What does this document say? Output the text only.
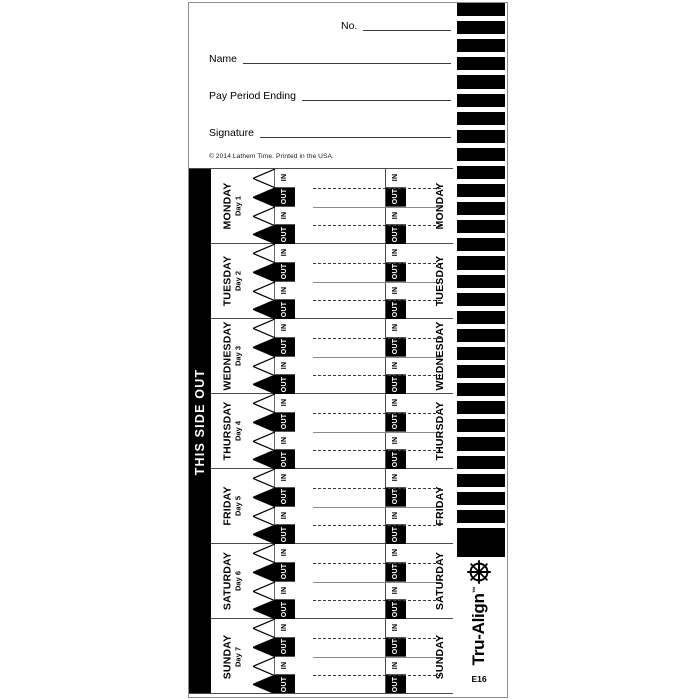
No.
Name
Pay Period Ending
Signature
© 2014 Lathem Time. Printed in the USA.
Tru-Align™
E16
THIS SIDE OUT
MONDAY Day 1
IN
OUT
IN
OUT
IN
OUT
IN
OUT
TUESDAY Day 2
IN
OUT
IN
OUT
IN
OUT
IN
OUT
WEDNESDAY Day 3
IN
OUT
IN
OUT
IN
OUT
IN
OUT
THURSDAY Day 4
IN
OUT
IN
OUT
IN
OUT
IN
OUT
FRIDAY Day 5
IN
OUT
IN
OUT
IN
OUT
IN
OUT
SATURDAY Day 6
IN
OUT
IN
OUT
IN
OUT
IN
OUT
SUNDAY Day 7
IN
OUT
IN
OUT
IN
OUT
IN
OUT
MONDAY
TUESDAY
WEDNESDAY
THURSDAY
FRIDAY
SATURDAY
SUNDAY
